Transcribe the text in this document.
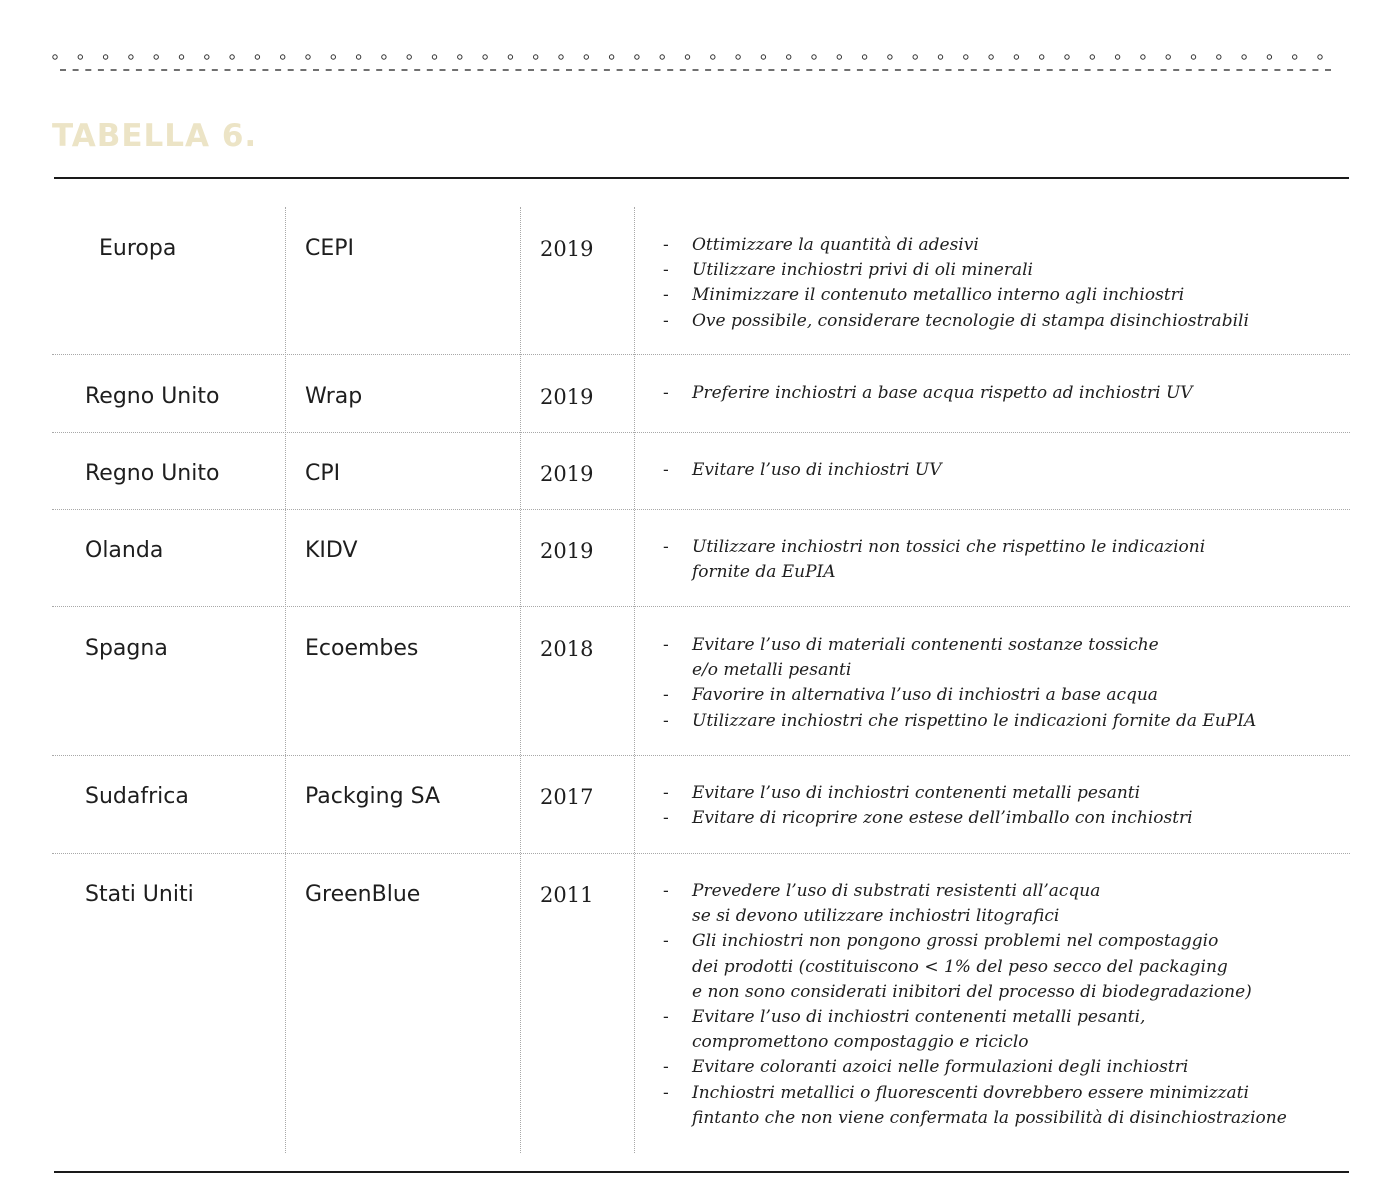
TABELLA 6.
Europa	CEPI	2019	- Ottimizzare la quantità di adesivi
- Utilizzare inchiostri privi di oli minerali
- Minimizzare il contenuto metallico interno agli inchiostri
- Ove possibile, considerare tecnologie di stampa disinchiostrabili
Regno Unito	Wrap	2019	- Preferire inchiostri a base acqua rispetto ad inchiostri UV
Regno Unito	CPI	2019	- Evitare l’uso di inchiostri UV
Olanda	KIDV	2019	- Utilizzare inchiostri non tossici che rispettino le indicazioni
fornite da EuPIA
Spagna	Ecoembes	2018	- Evitare l’uso di materiali contenenti sostanze tossiche
e/o metalli pesanti
- Favorire in alternativa l’uso di inchiostri a base acqua
- Utilizzare inchiostri che rispettino le indicazioni fornite da EuPIA
Sudafrica	Packging SA	2017	- Evitare l’uso di inchiostri contenenti metalli pesanti
- Evitare di ricoprire zone estese dell’imballo con inchiostri
Stati Uniti	GreenBlue	2011	- Prevedere l’uso di substrati resistenti all’acqua
se si devono utilizzare inchiostri litografici
- Gli inchiostri non pongono grossi problemi nel compostaggio
dei prodotti (costituiscono < 1% del peso secco del packaging
e non sono considerati inibitori del processo di biodegradazione)
- Evitare l’uso di inchiostri contenenti metalli pesanti,
compromettono compostaggio e riciclo
- Evitare coloranti azoici nelle formulazioni degli inchiostri
- Inchiostri metallici o fluorescenti dovrebbero essere minimizzati
fintanto che non viene confermata la possibilità di disinchiostrazione
